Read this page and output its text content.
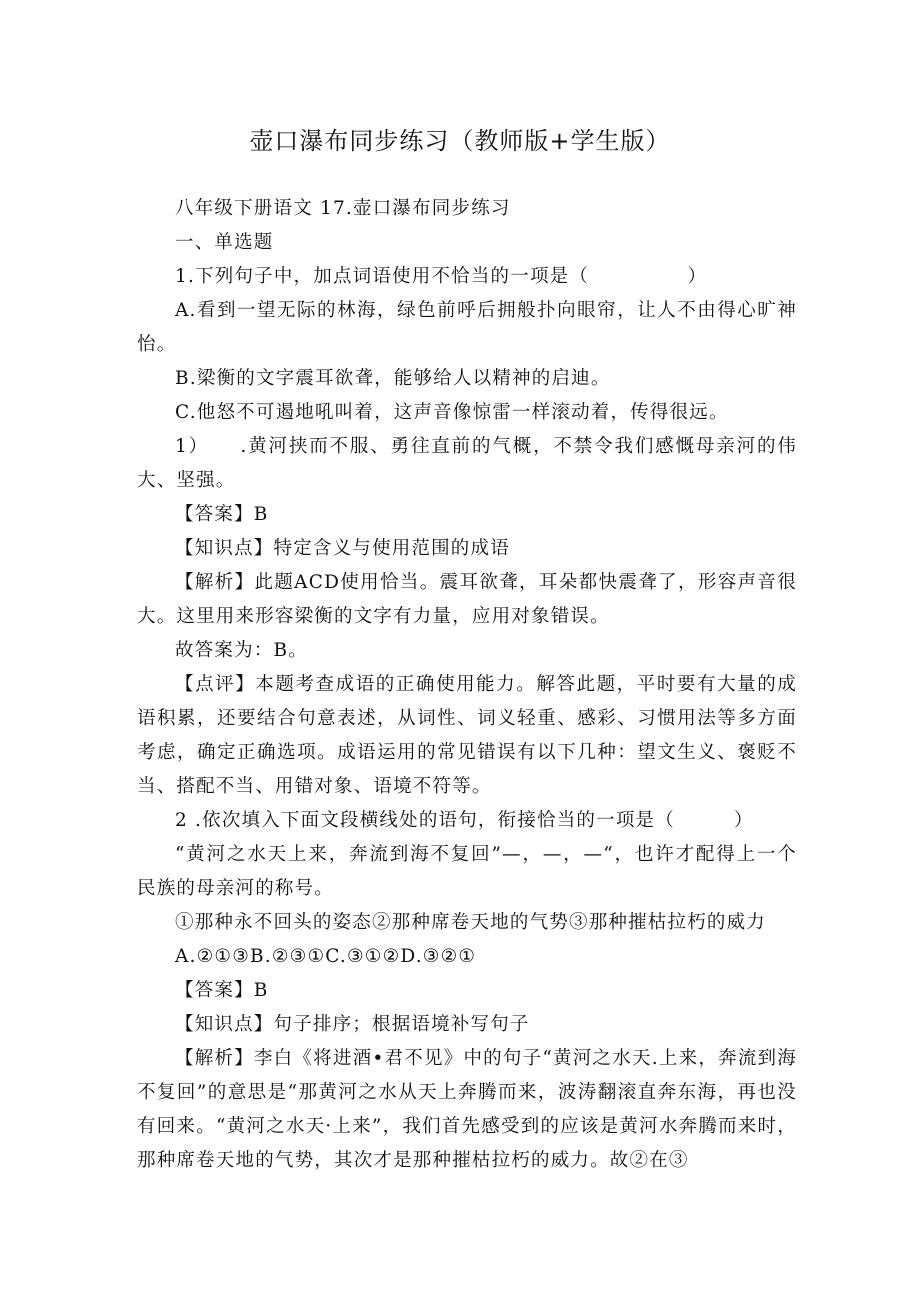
壶口瀑布同步练习（教师版+学生版）

八年级下册语文 17.壶口瀑布同步练习

一、单选题

1.下列句子中，加点词语使用不恰当的一项是（　　　　　）

A.看到一望无际的林海，绿色前呼后拥般扑向眼帘，让人不由得心旷神怡。

B.梁衡的文字震耳欲聋，能够给人以精神的启迪。

C.他怒不可遏地吼叫着，这声音像惊雷一样滚动着，传得很远。

1）　　.黄河挟而不服、勇往直前的气概，不禁令我们感慨母亲河的伟大、坚强。

【答案】B

【知识点】特定含义与使用范围的成语

【解析】此题ACD使用恰当。震耳欲聋，耳朵都快震聋了，形容声音很大。这里用来形容梁衡的文字有力量，应用对象错误。

故答案为：B。

【点评】本题考查成语的正确使用能力。解答此题，平时要有大量的成语积累，还要结合句意表述，从词性、词义轻重、感彩、习惯用法等多方面考虑，确定正确选项。成语运用的常见错误有以下几种：望文生义、褒贬不当、搭配不当、用错对象、语境不符等。

2 .依次填入下面文段横线处的语句，衔接恰当的一项是（　　　）

“黄河之水天上来，奔流到海不复回”—，—，—“，也许才配得上一个民族的母亲河的称号。

①那种永不回头的姿态②那种席卷天地的气势③那种摧枯拉朽的威力

A.②①③B.②③①C.③①②D.③②①

【答案】B

【知识点】句子排序；根据语境补写句子

【解析】李白《将进酒•君不见》中的句子“黄河之水天.上来，奔流到海不复回”的意思是“那黄河之水从天上奔腾而来，波涛翻滚直奔东海，再也没有回来。“黄河之水天·上来”，我们首先感受到的应该是黄河水奔腾而来时，那种席卷天地的气势，其次才是那种摧枯拉朽的威力。故②在③
